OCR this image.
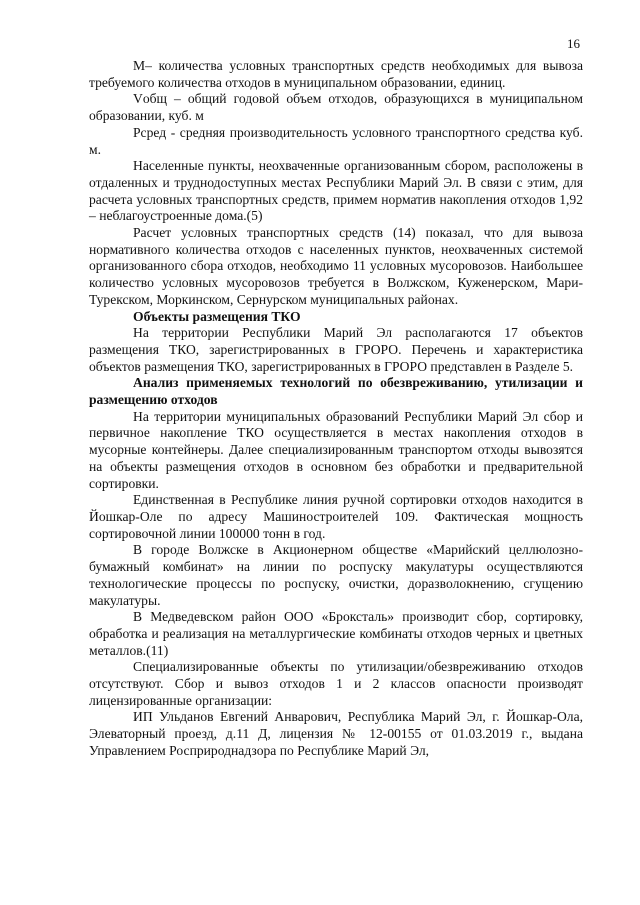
16

M– количества условных транспортных средств необходимых для вывоза требуемого количества отходов в муниципальном образовании, единиц.

Vобщ – общий годовой объем отходов, образующихся в муниципальном образовании, куб. м

Pсред - средняя производительность условного транспортного средства куб. м.

Населенные пункты, неохваченные организованным сбором, расположены в отдаленных и труднодоступных местах Республики Марий Эл. В связи с этим, для расчета условных транспортных средств, примем норматив накопления отходов 1,92 – неблагоустроенные дома.(5)

Расчет условных транспортных средств (14) показал, что для вывоза нормативного количества отходов с населенных пунктов, неохваченных системой организованного сбора отходов, необходимо 11 условных мусоровозов. Наибольшее количество условных мусоровозов требуется в Волжском, Куженерском, Мари-Турекском, Моркинском, Сернурском муниципальных районах.

Объекты размещения ТКО

На территории Республики Марий Эл располагаются 17 объектов размещения ТКО, зарегистрированных в ГРОРО. Перечень и характеристика объектов размещения ТКО, зарегистрированных в ГРОРО представлен в Разделе 5.

Анализ применяемых технологий по обезвреживанию, утилизации и размещению отходов

На территории муниципальных образований Республики Марий Эл сбор и первичное накопление ТКО осуществляется в местах накопления отходов в мусорные контейнеры. Далее специализированным транспортом отходы вывозятся на объекты размещения отходов в основном без обработки и предварительной сортировки.

Единственная в Республике линия ручной сортировки отходов находится в Йошкар-Оле по адресу Машиностроителей 109. Фактическая мощность сортировочной линии 100000 тонн в год.

В городе Волжске в Акционерном обществе «Марийский целлюлозно-бумажный комбинат» на линии по роспуску макулатуры осуществляются технологические процессы по роспуску, очистки, доразволокнению, сгущению макулатуры.

В Медведевском район ООО «Броксталь» производит сбор, сортировку, обработка и реализация на металлургические комбинаты отходов черных и цветных металлов.(11)

Специализированные объекты по утилизации/обезвреживанию отходов отсутствуют. Сбор и вывоз отходов 1 и 2 классов опасности производят лицензированные организации:

ИП Ульданов Евгений Анварович, Республика Марий Эл, г. Йошкар-Ола, Элеваторный проезд, д.11 Д, лицензия № 12-00155 от 01.03.2019 г., выдана Управлением Росприроднадзора по Республике Марий Эл,
